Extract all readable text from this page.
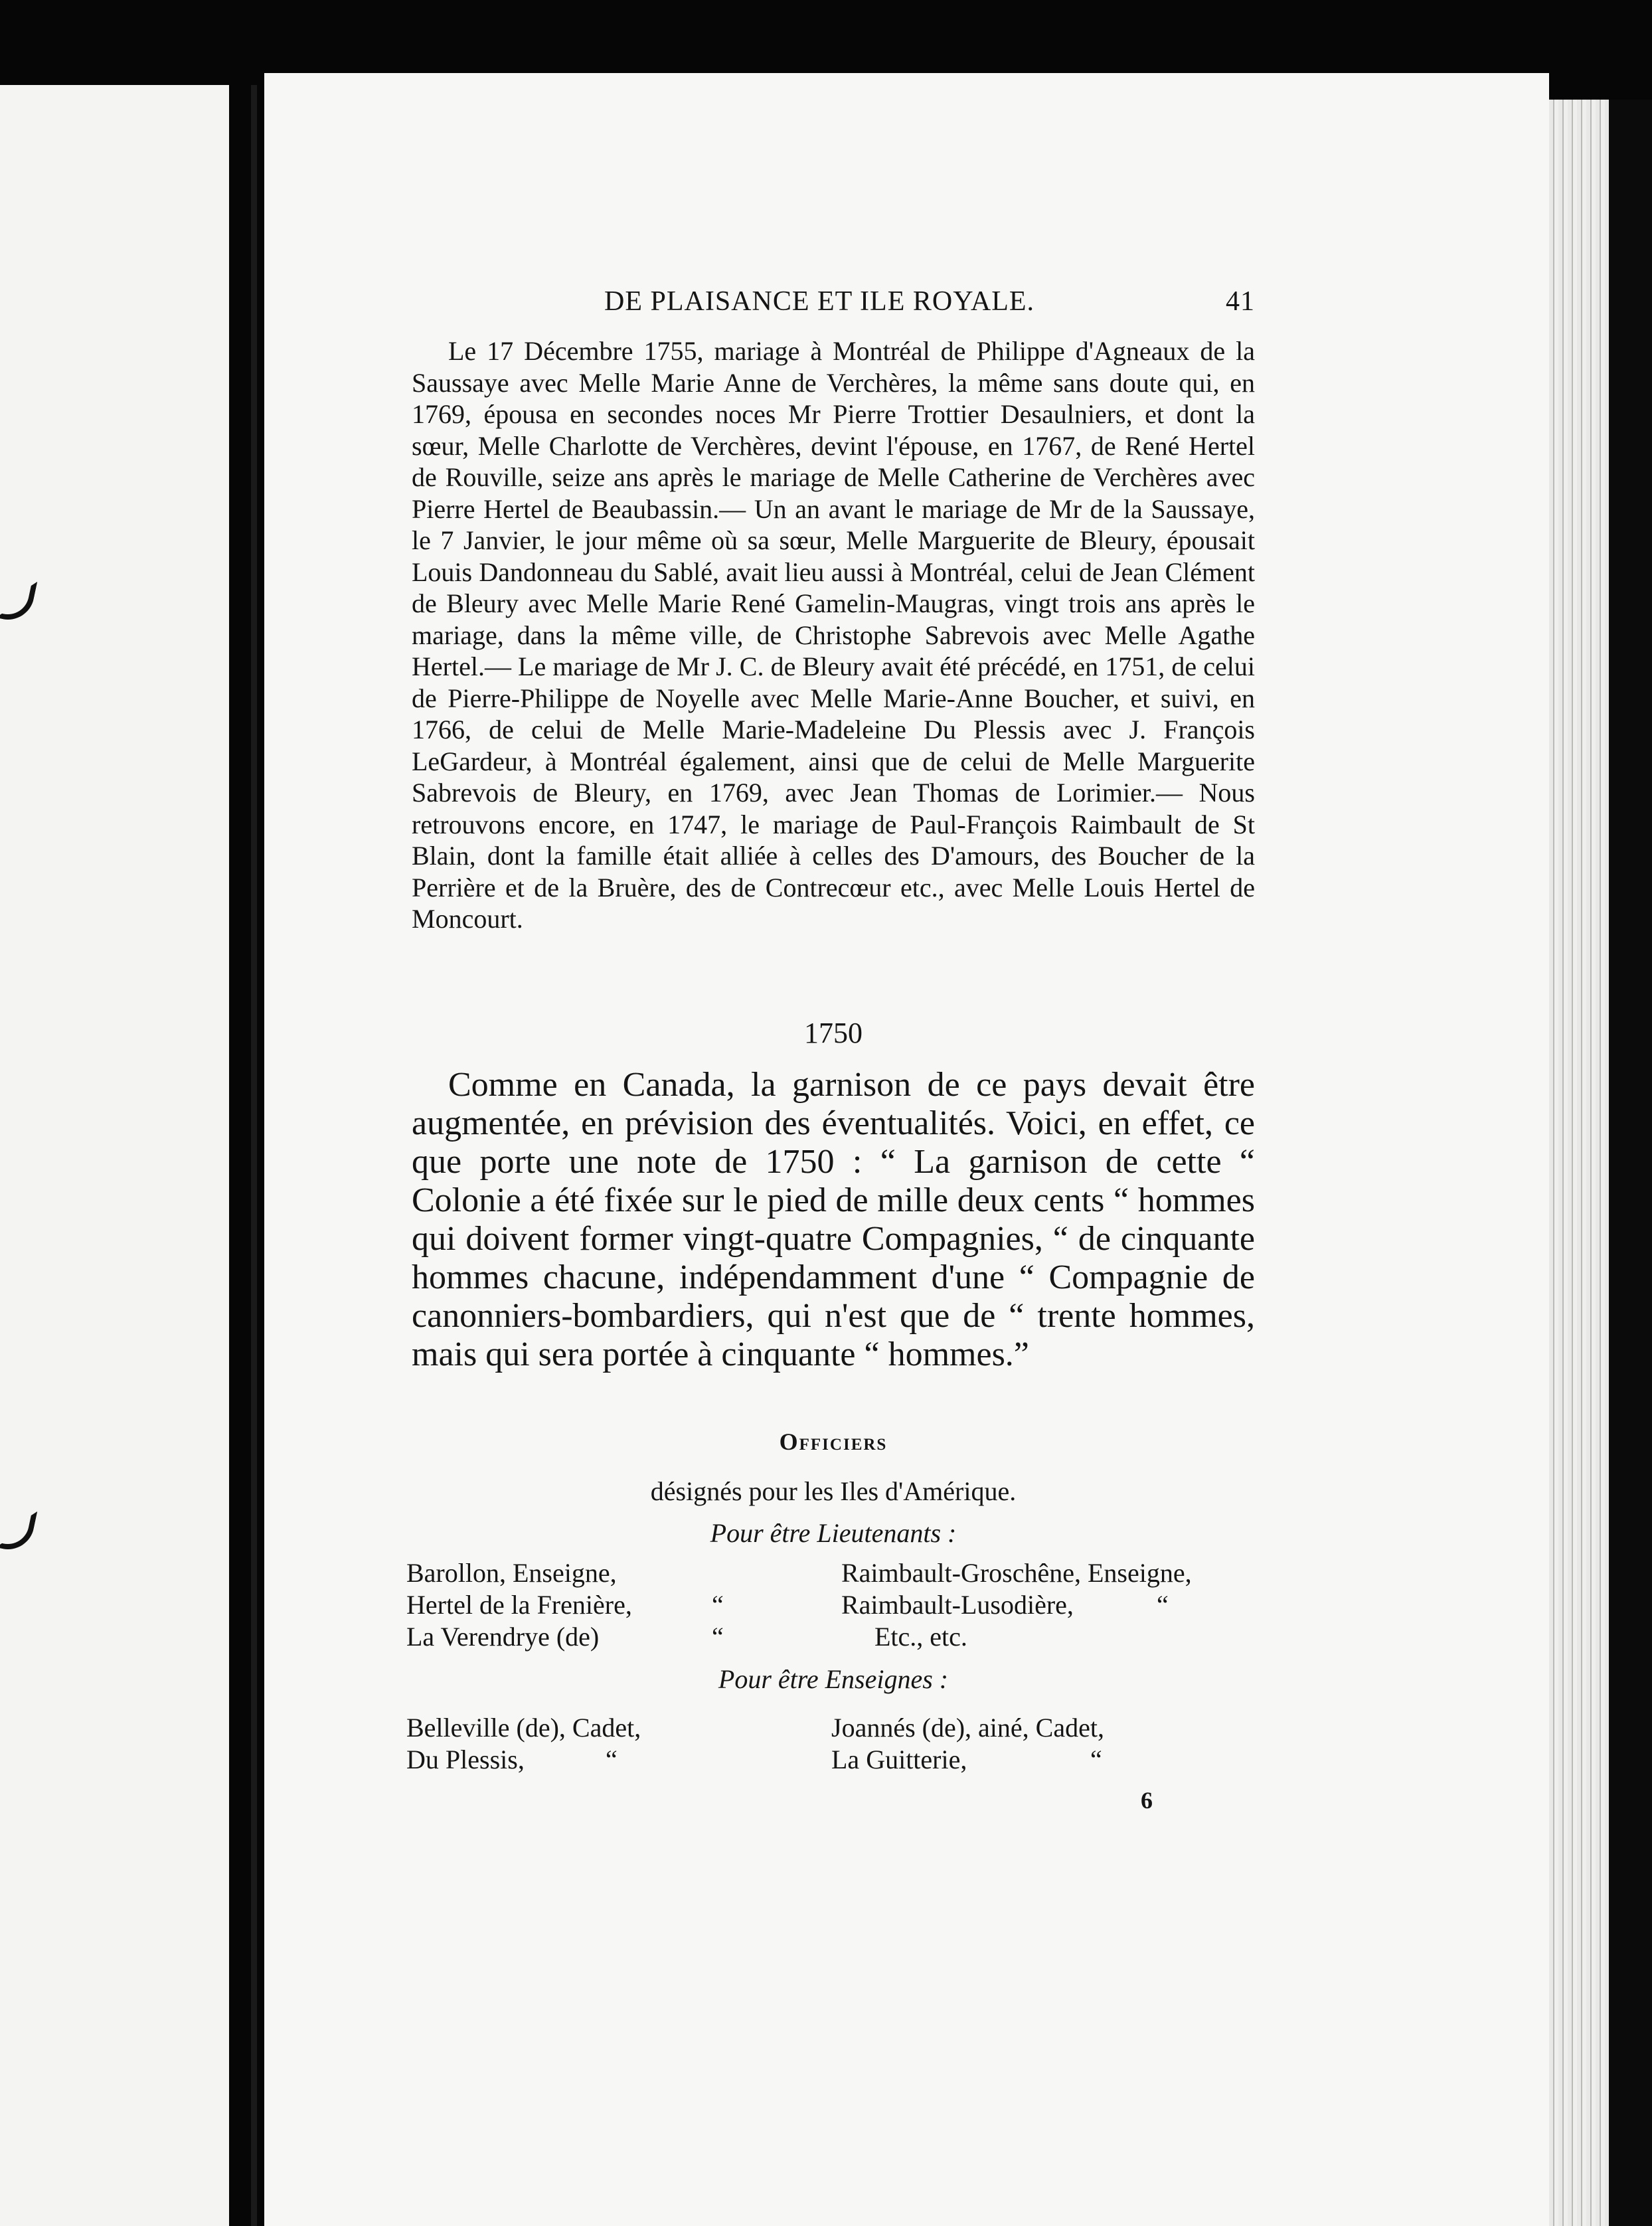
DE PLAISANCE ET ILE ROYALE.	41

Le 17 Décembre 1755, mariage à Montréal de Philippe d'Agneaux de la Saussaye avec Melle Marie Anne de Verchères, la même sans doute qui, en 1769, épousa en secondes noces Mr Pierre Trottier Desaulniers, et dont la sœur, Melle Charlotte de Verchères, devint l'épouse, en 1767, de René Hertel de Rouville, seize ans après le mariage de Melle Catherine de Verchères avec Pierre Hertel de Beaubassin.— Un an avant le mariage de Mr de la Saussaye, le 7 Janvier, le jour même où sa sœur, Melle Marguerite de Bleury, épousait Louis Dandonneau du Sablé, avait lieu aussi à Montréal, celui de Jean Clément de Bleury avec Melle Marie René Gamelin-Maugras, vingt trois ans après le mariage, dans la même ville, de Christophe Sabrevois avec Melle Agathe Hertel.— Le mariage de Mr J. C. de Bleury avait été précédé, en 1751, de celui de Pierre-Philippe de Noyelle avec Melle Marie-Anne Boucher, et suivi, en 1766, de celui de Melle Marie-Madeleine Du Plessis avec J. François LeGardeur, à Montréal également, ainsi que de celui de Melle Marguerite Sabrevois de Bleury, en 1769, avec Jean Thomas de Lorimier.— Nous retrouvons encore, en 1747, le mariage de Paul-François Raimbault de St Blain, dont la famille était alliée à celles des D'amours, des Boucher de la Perrière et de la Bruère, des de Contrecœur etc., avec Melle Louis Hertel de Moncourt.

1750

Comme en Canada, la garnison de ce pays devait être augmentée, en prévision des éventualités. Voici, en effet, ce que porte une note de 1750 : “ La garnison de cette “ Colonie a été fixée sur le pied de mille deux cents “ hommes qui doivent former vingt-quatre Compagnies, “ de cinquante hommes chacune, indépendamment d'une “ Compagnie de canonniers-bombardiers, qui n'est que de “ trente hommes, mais qui sera portée à cinquante “ hommes.”

Officiers
désignés pour les Iles d'Amérique.
Pour être Lieutenants :
Barollon, Enseigne,	Raimbault-Groschêne, Enseigne,
Hertel de la Frenière,	“	Raimbault-Lusodière,	“
La Verendrye (de)	“	Etc., etc.
Pour être Enseignes :
Belleville (de), Cadet,	Joannés (de), ainé, Cadet,
Du Plessis,	“	La Guitterie,	“
6
